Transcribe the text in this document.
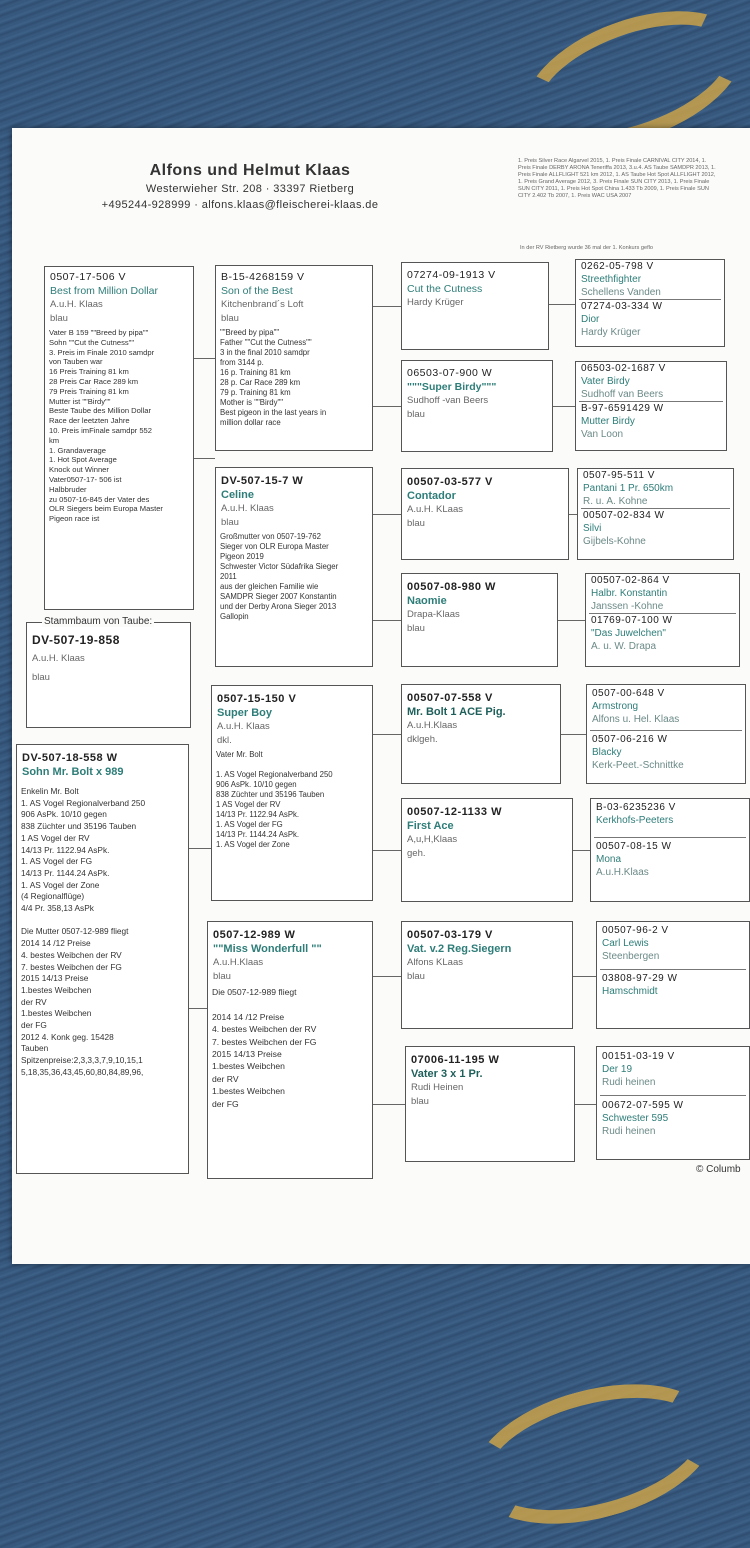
Alfons und Helmut Klaas
Westerwieher Str. 208 · 33397 Rietberg
+495244-928999 · alfons.klaas@fleischerei-klaas.de
1. Preis Silver Race Algarvel 2015, 1. Preis Finale CARNIVAL CITY 2014, 1. Preis Finale DERBY ARONA Teneriffa 2013, 3.u.4. AS Taube SAMDPR 2013, 1. Preis Finale ALLFLIGHT 521 km 2012, 1. AS Taube Hot Spot ALLFLIGHT 2012, 1. Preis Grand Average 2012, 3. Preis Finale SUN CITY 2013, 1. Preis Finale SUN CITY 2011, 1. Preis Hot Spot China 1.433 Tb 2009, 1. Preis Finale SUN CITY 2.402 Tb 2007, 1. Preis WAC USA 2007
In der RV Rietberg wurde 36 mal der 1. Konkurs geflo
0507-17-506 V
Best from Million Dollar
A.u.H. Klaas
blau
Vater B 159 ""Breed by pipa""
Sohn ""Cut the Cutness""
3. Preis im Finale 2010 samdpr
von Tauben war
16 Preis Training 81 km
28 Preis Car Race 289 km
79 Preis Training 81 km
Mutter ist ""Birdy""
Beste Taube des Million Dollar
Race der leetzten Jahre
10. Preis imFinale samdpr 552
km
1. Grandaverage
1. Hot Spot Average
Knock out Winner
Vater0507-17- 506 ist
Halbbruder
zu 0507-16-845 der Vater des
OLR Siegers beim Europa Master
Pigeon race ist
DV-507-19-858
A.u.H. Klaas
blau
Stammbaum von Taube:
DV-507-18-558 W
Sohn Mr. Bolt x 989
Enkelin Mr. Bolt
1. AS Vogel Regionalverband 250
906 AsPk. 10/10 gegen
838 Züchter und 35196 Tauben
1 AS Vogel der RV
14/13 Pr. 1122.94 AsPk.
1. AS Vogel der FG
14/13 Pr. 1144.24 AsPk.
1. AS Vogel der Zone
(4 Regionalflüge)
4/4 Pr. 358,13 AsPk

Die Mutter 0507-12-989 fliegt
2014 14 /12 Preise
4. bestes Weibchen der RV
7. bestes Weibchen der FG
2015 14/13 Preise
1.bestes Weibchen
der RV
1.bestes Weibchen
der FG
2012 4. Konk geg. 15428
Tauben
Spitzenpreise:2,3,3,3,7,9,10,15,1
5,18,35,36,43,45,60,80,84,89,96,
B-15-4268159 V
Son of the Best
Kitchenbrand´s Loft
blau
""Breed by pipa""
Father ""Cut the Cutness""
3 in the final 2010 samdpr
from 3144 p.
16 p. Training 81 km
28 p. Car Race 289 km
79 p. Training 81 km
Mother is ""Birdy""
Best pigeon in the last years in
million dollar race
DV-507-15-7 W
Celine
A.u.H. Klaas
blau
Großmutter von 0507-19-762
Sieger von OLR Europa Master
Pigeon 2019
Schwester Victor Südafrika Sieger
2011
aus der gleichen Familie wie
SAMDPR Sieger 2007 Konstantin
und der Derby Arona Sieger 2013
Gallopin
0507-15-150 V
Super Boy
A.u.H. Klaas
dkl.
Vater Mr. Bolt

1. AS Vogel Regionalverband 250
906 AsPk. 10/10 gegen
838 Züchter und 35196 Tauben
1 AS Vogel der RV
14/13 Pr. 1122.94 AsPk.
1. AS Vogel der FG
14/13 Pr. 1144.24 AsPk.
1. AS Vogel der Zone
0507-12-989 W
""Miss Wonderfull ""
A.u.H.Klaas
blau
Die 0507-12-989 fliegt

2014 14 /12 Preise
4. bestes Weibchen der RV
7. bestes Weibchen der FG
2015 14/13 Preise
1.bestes Weibchen
der RV
1.bestes Weibchen
der FG
07274-09-1913 V
Cut the Cutness
Hardy Krüger
06503-07-900 W
"""Super Birdy"""
Sudhoff -van Beers
blau
00507-03-577 V
Contador
A.u.H. KLaas
blau
00507-08-980 W
Naomie
Drapa-Klaas
blau
00507-07-558 V
Mr. Bolt 1 ACE Pig.
A.u.H.Klaas
dklgeh.
00507-12-1133 W
First Ace
A,u,H,Klaas
geh.
00507-03-179 V
Vat. v.2 Reg.Siegern
Alfons KLaas
blau
07006-11-195 W
Vater 3 x 1 Pr.
Rudi Heinen
blau
0262-05-798 V
Streethfighter
Schellens Vanden
07274-03-334 W
Dior
Hardy Krüger
06503-02-1687 V
Vater Birdy
Sudhoff van Beers
B-97-6591429 W
Mutter Birdy
Van Loon
0507-95-511 V
Pantani 1 Pr. 650km
R. u. A. Kohne
00507-02-834 W
Silvi
Gijbels-Kohne
00507-02-864 V
Halbr. Konstantin
Janssen -Kohne
01769-07-100 W
"Das Juwelchen"
A. u. W. Drapa
0507-00-648 V
Armstrong
Alfons u. Hel. Klaas
0507-06-216 W
Blacky
Kerk-Peet.-Schnittke
B-03-6235236 V
Kerkhofs-Peeters
00507-08-15 W
Mona
A.u.H.Klaas
00507-96-2 V
Carl Lewis
Steenbergen
03808-97-29 W
Hamschmidt
00151-03-19 V
Der 19
Rudi heinen
00672-07-595 W
Schwester 595
Rudi heinen
© Columb
